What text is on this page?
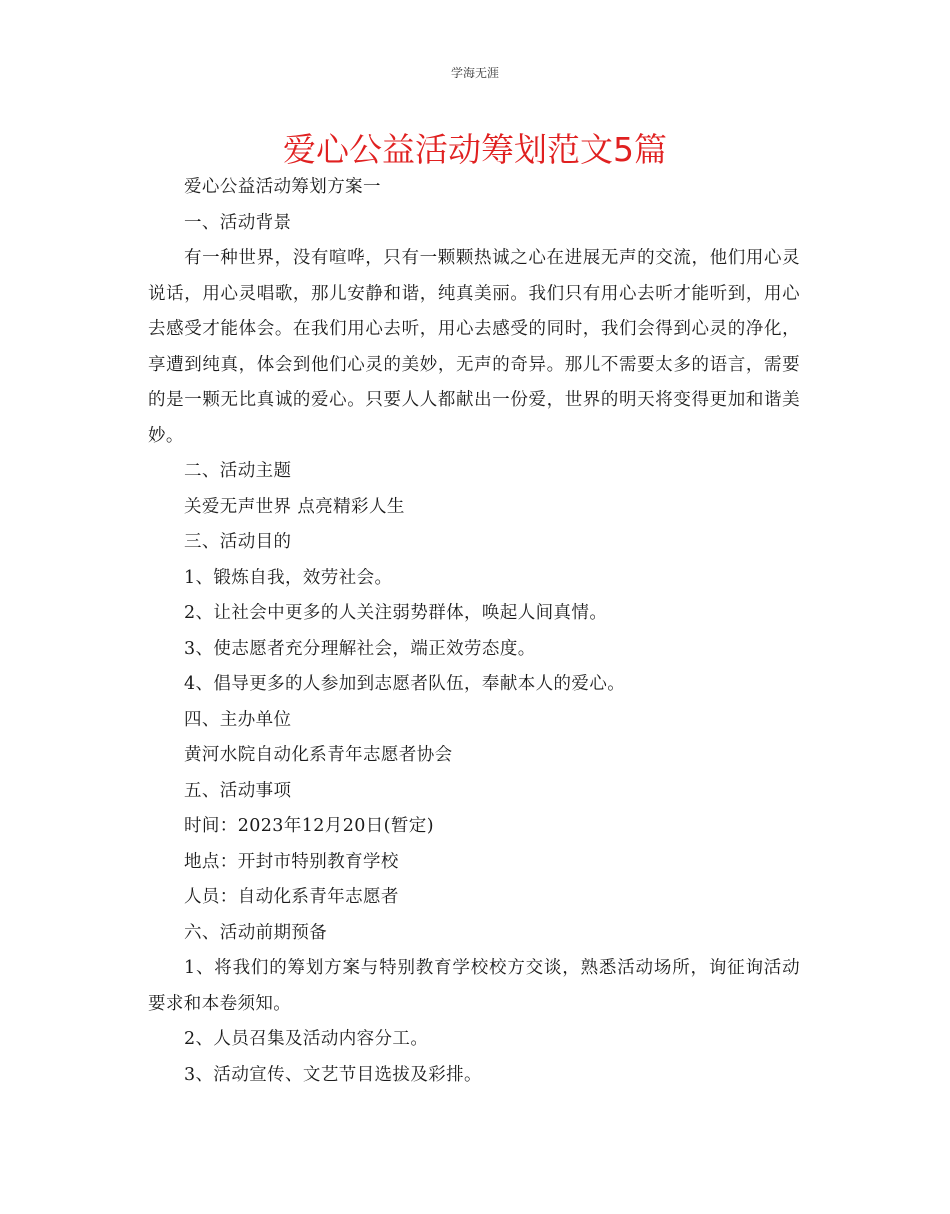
学海无涯
爱心公益活动筹划范文5篇

爱心公益活动筹划方案一

一、活动背景

有一种世界，没有喧哗，只有一颗颗热诚之心在进展无声的交流，他们用心灵说话，用心灵唱歌，那儿安静和谐，纯真美丽。我们只有用心去听才能听到，用心去感受才能体会。在我们用心去听，用心去感受的同时，我们会得到心灵的净化，享遭到纯真，体会到他们心灵的美妙，无声的奇异。那儿不需要太多的语言，需要的是一颗无比真诚的爱心。只要人人都献出一份爱，世界的明天将变得更加和谐美妙。

二、活动主题

关爱无声世界 点亮精彩人生

三、活动目的

1、锻炼自我，效劳社会。

2、让社会中更多的人关注弱势群体，唤起人间真情。

3、使志愿者充分理解社会，端正效劳态度。

4、倡导更多的人参加到志愿者队伍，奉献本人的爱心。

四、主办单位

黄河水院自动化系青年志愿者协会

五、活动事项

时间：2023年12月20日(暂定)

地点：开封市特别教育学校

人员：自动化系青年志愿者

六、活动前期预备

1、将我们的筹划方案与特别教育学校校方交谈，熟悉活动场所，询征询活动要求和本卷须知。

2、人员召集及活动内容分工。

3、活动宣传、文艺节目选拔及彩排。
